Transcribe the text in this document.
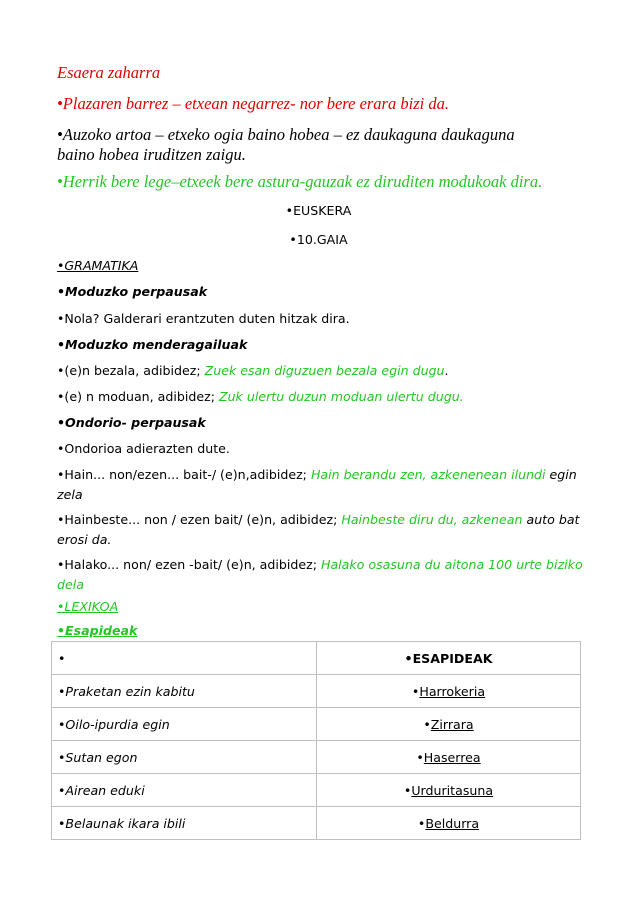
Esaera zaharra
•Plazaren barrez – etxean negarrez- nor bere erara bizi da.
•Auzoko artoa – etxeko ogia baino hobea – ez daukaguna daukaguna
baino hobea iruditzen zaigu.
•Herrik bere lege–etxeek bere astura-gauzak ez diruditen modukoak dira.
•EUSKERA
•10.GAIA
•GRAMATIKA
•Moduzko perpausak
•Nola? Galderari erantzuten duten hitzak dira.
•Moduzko menderagailuak
•(e)n bezala, adibidez; Zuek esan diguzuen bezala egin dugu.
•(e) n moduan, adibidez; Zuk ulertu duzun moduan ulertu dugu.
•Ondorio- perpausak
•Ondorioa adierazten dute.
•Hain... non/ezen... bait-/ (e)n,adibidez; Hain berandu zen, azkenenean ilundi egin
zela
•Hainbeste... non / ezen bait/ (e)n, adibidez; Hainbeste diru du, azkenean auto bat
erosi da.
•Halako... non/ ezen -bait/ (e)n, adibidez; Halako osasuna du aitona 100 urte biziko
dela
•LEXIKOA
•Esapideak
•	•ESAPIDEAK
•Praketan ezin kabitu	•Harrokeria
•Oilo-ipurdia egin	•Zirrara
•Sutan egon	•Haserrea
•Airean eduki	•Urduritasuna
•Belaunak ikara ibili	•Beldurra
